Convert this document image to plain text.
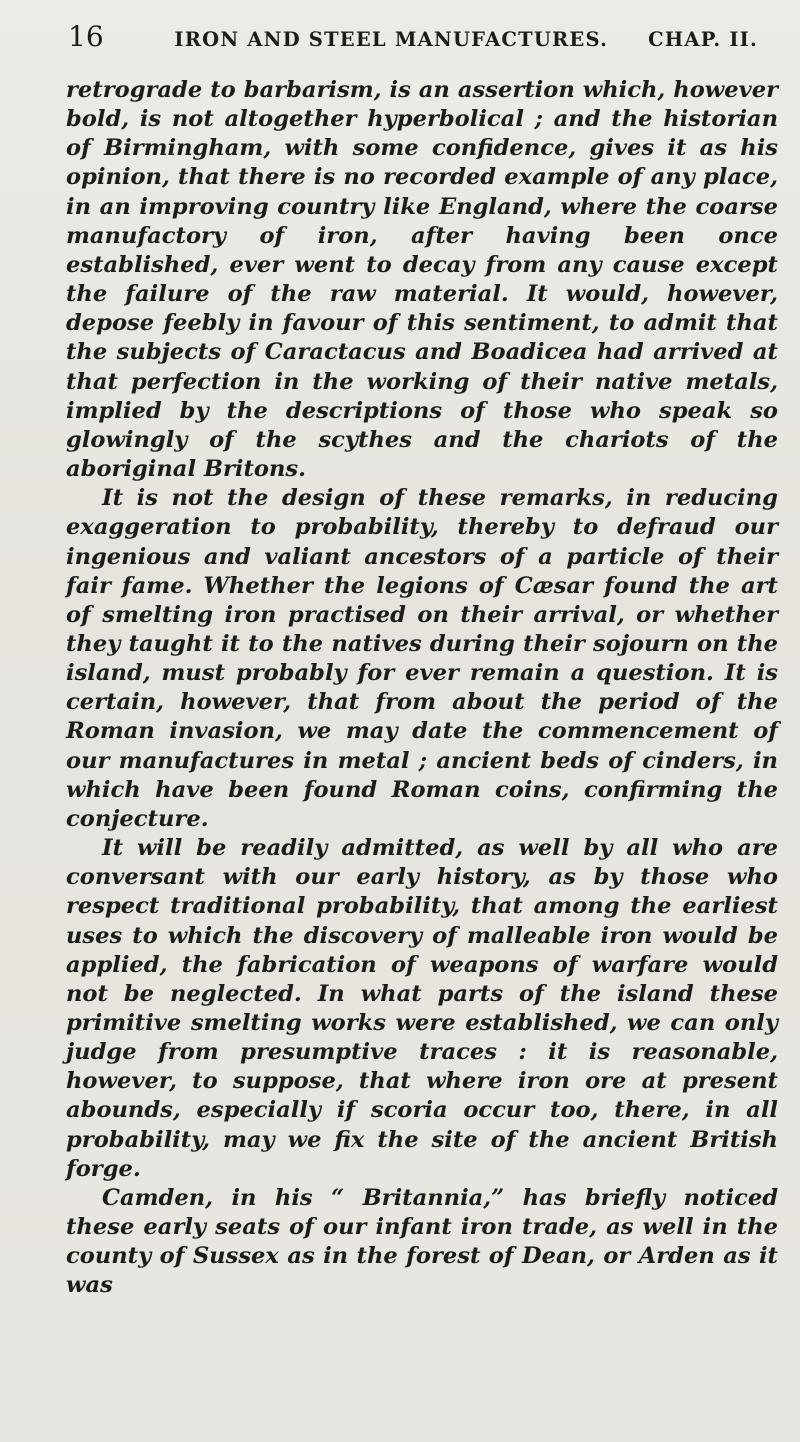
16	IRON AND STEEL MANUFACTURES. CHAP. II.

retrograde to barbarism, is an assertion which, however bold, is not altogether hyperbolical ; and the historian of Birmingham, with some confidence, gives it as his opinion, that there is no recorded example of any place, in an improving country like England, where the coarse manufactory of iron, after having been once established, ever went to decay from any cause except the failure of the raw material. It would, however, depose feebly in favour of this sentiment, to admit that the subjects of Caractacus and Boadicea had arrived at that perfection in the working of their native metals, implied by the descriptions of those who speak so glowingly of the scythes and the chariots of the aboriginal Britons.

It is not the design of these remarks, in reducing exaggeration to probability, thereby to defraud our ingenious and valiant ancestors of a particle of their fair fame. Whether the legions of Cæsar found the art of smelting iron practised on their arrival, or whether they taught it to the natives during their sojourn on the island, must probably for ever remain a question. It is certain, however, that from about the period of the Roman invasion, we may date the commencement of our manufactures in metal ; ancient beds of cinders, in which have been found Roman coins, confirming the conjecture.

It will be readily admitted, as well by all who are conversant with our early history, as by those who respect traditional probability, that among the earliest uses to which the discovery of malleable iron would be applied, the fabrication of weapons of warfare would not be neglected. In what parts of the island these primitive smelting works were established, we can only judge from presumptive traces : it is reasonable, however, to suppose, that where iron ore at present abounds, especially if scoria occur too, there, in all probability, may we fix the site of the ancient British forge.

Camden, in his “ Britannia,” has briefly noticed these early seats of our infant iron trade, as well in the county of Sussex as in the forest of Dean, or Arden as it was
